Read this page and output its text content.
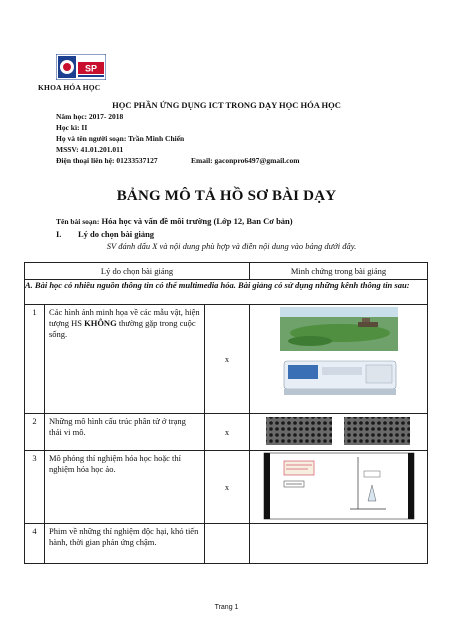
SP
KHOA HÓA HỌC
HỌC PHẦN ỨNG DỤNG ICT TRONG DẠY HỌC HÓA HỌC
Năm học: 2017- 2018
Học kì: II
Họ và tên người soạn: Trần Minh Chiến
MSSV: 41.01.201.011
Điện thoại liên hệ: 01233537127	Email: gaconpro6497@gmail.com
BẢNG MÔ TẢ HỒ SƠ BÀI DẠY
Tên bài soạn: Hóa học và vấn đề môi trường (Lớp 12, Ban Cơ bản)
I. Lý do chọn bài giảng
SV đánh dấu X và nội dung phù hợp và điền nội dung vào bảng dưới đây.
Lý do chọn bài giảng			Minh chứng trong bài giảng
A. Bài học có nhiều nguồn thông tin có thể multimedia hóa. Bài giảng có sử dụng những kênh thông tin sau:			
1	Các hình ảnh minh họa về các mẫu vật, hiện tượng HS KHÔNG thường gặp trong cuộc sống.	x	
2	Những mô hình cấu trúc phân tử ở trạng thái vi mô.	x	
3	Mô phỏng thí nghiệm hóa học hoặc thí nghiệm hóa học ảo.	x	
4	Phim về những thí nghiệm độc hại, khó tiến hành, thời gian phản ứng chậm.		
Trang 1
